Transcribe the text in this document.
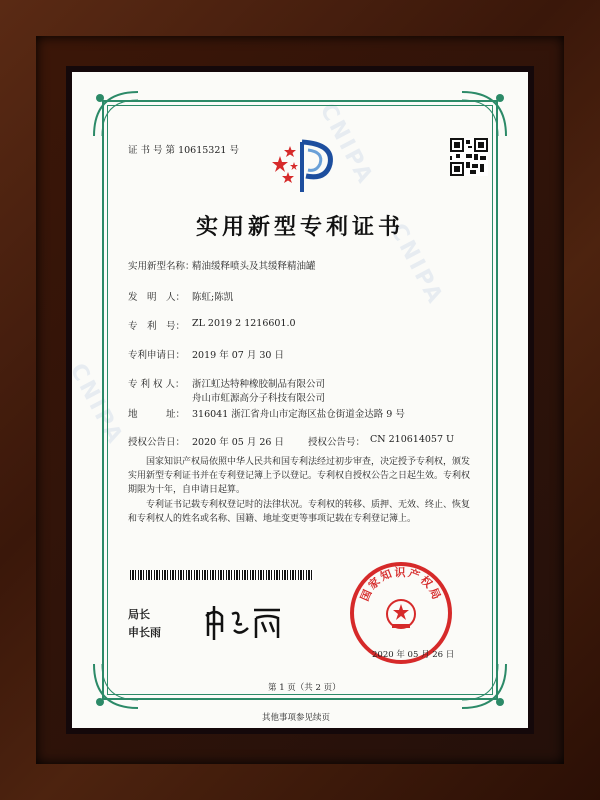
CNIPA
CNIPA
CNIPA
证 书 号 第 10615321 号
实用新型专利证书
实用新型名称：
精油缓释喷头及其缓释精油罐
发　明　人： 陈虹;陈凯
专　利　号： ZL 2019 2 1216601.0
专利申请日： 2019 年 07 月 30 日
专 利 权 人： 浙江虹达特种橡胶制品有限公司
舟山市虹源高分子科技有限公司
地　　　址： 316041 浙江省舟山市定海区盐仓街道金达路 9 号
授权公告日： 2020 年 05 月 26 日	授权公告号： CN 210614057 U
国家知识产权局依照中华人民共和国专利法经过初步审查，决定授予专利权，颁发实用新型专利证书并在专利登记簿上予以登记。专利权自授权公告之日起生效。专利权期限为十年，自申请日起算。
专利证书记载专利权登记时的法律状况。专利权的转移、质押、无效、终止、恢复和专利权人的姓名或名称、国籍、地址变更等事项记载在专利登记簿上。
局长
申长雨
国家知识产权局
2020 年 05 月 26 日
第 1 页（共 2 页）
其他事项参见续页
